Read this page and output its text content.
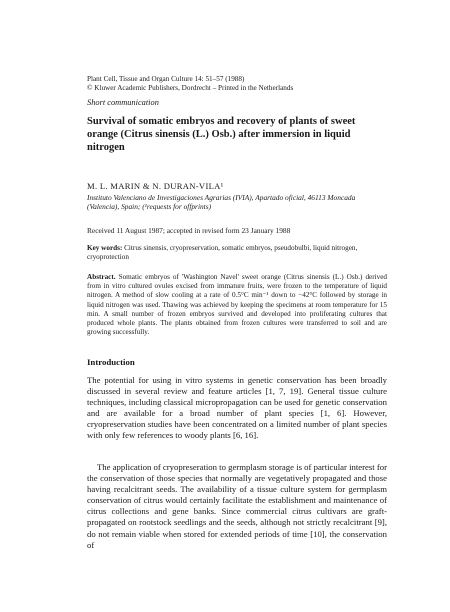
Plant Cell, Tissue and Organ Culture 14: 51–57 (1988)
© Kluwer Academic Publishers, Dordrecht – Printed in the Netherlands
Short communication
Survival of somatic embryos and recovery of plants of sweet orange (Citrus sinensis (L.) Osb.) after immersion in liquid nitrogen
M. L. MARIN & N. DURAN-VILA¹
Instituto Valenciano de Investigaciones Agrarias (IVIA), Apartado oficial, 46113 Moncada (Valencia), Spain; (¹requests for offprints)
Received 11 August 1987; accepted in revised form 23 January 1988
Key words: Citrus sinensis, cryopreservation, somatic embryos, pseudobulbi, liquid nitrogen, cryoprotection
Abstract. Somatic embryos of 'Washington Navel' sweet orange (Citrus sinensis (L.) Osb.) derived from in vitro cultured ovules excised from immature fruits, were frozen to the temperature of liquid nitrogen. A method of slow cooling at a rate of 0.5°C min⁻¹ down to −42°C followed by storage in liquid nitrogen was used. Thawing was achieved by keeping the specimens at room temperature for 15 min. A small number of frozen embryos survived and developed into proliferating cultures that produced whole plants. The plants obtained from frozen cultures were transferred to soil and are growing successfully.
Introduction
The potential for using in vitro systems in genetic conservation has been broadly discussed in several review and feature articles [1, 7, 19]. General tissue culture techniques, including classical micropropagation can be used for genetic conservation and are available for a broad number of plant species [1, 6]. However, cryopreservation studies have been concentrated on a limited number of plant species with only few references to woody plants [6, 16].
The application of cryopreseration to germplasm storage is of particular interest for the conservation of those species that normally are vegetatively propagated and those having recalcitrant seeds. The availability of a tissue culture system for germplasm conservation of citrus would certainly facilitate the establishment and maintenance of citrus collections and gene banks. Since commercial citrus cultivars are graft-propagated on rootstock seedlings and the seeds, although not strictly recalcitrant [9], do not remain viable when stored for extended periods of time [10], the conservation of
